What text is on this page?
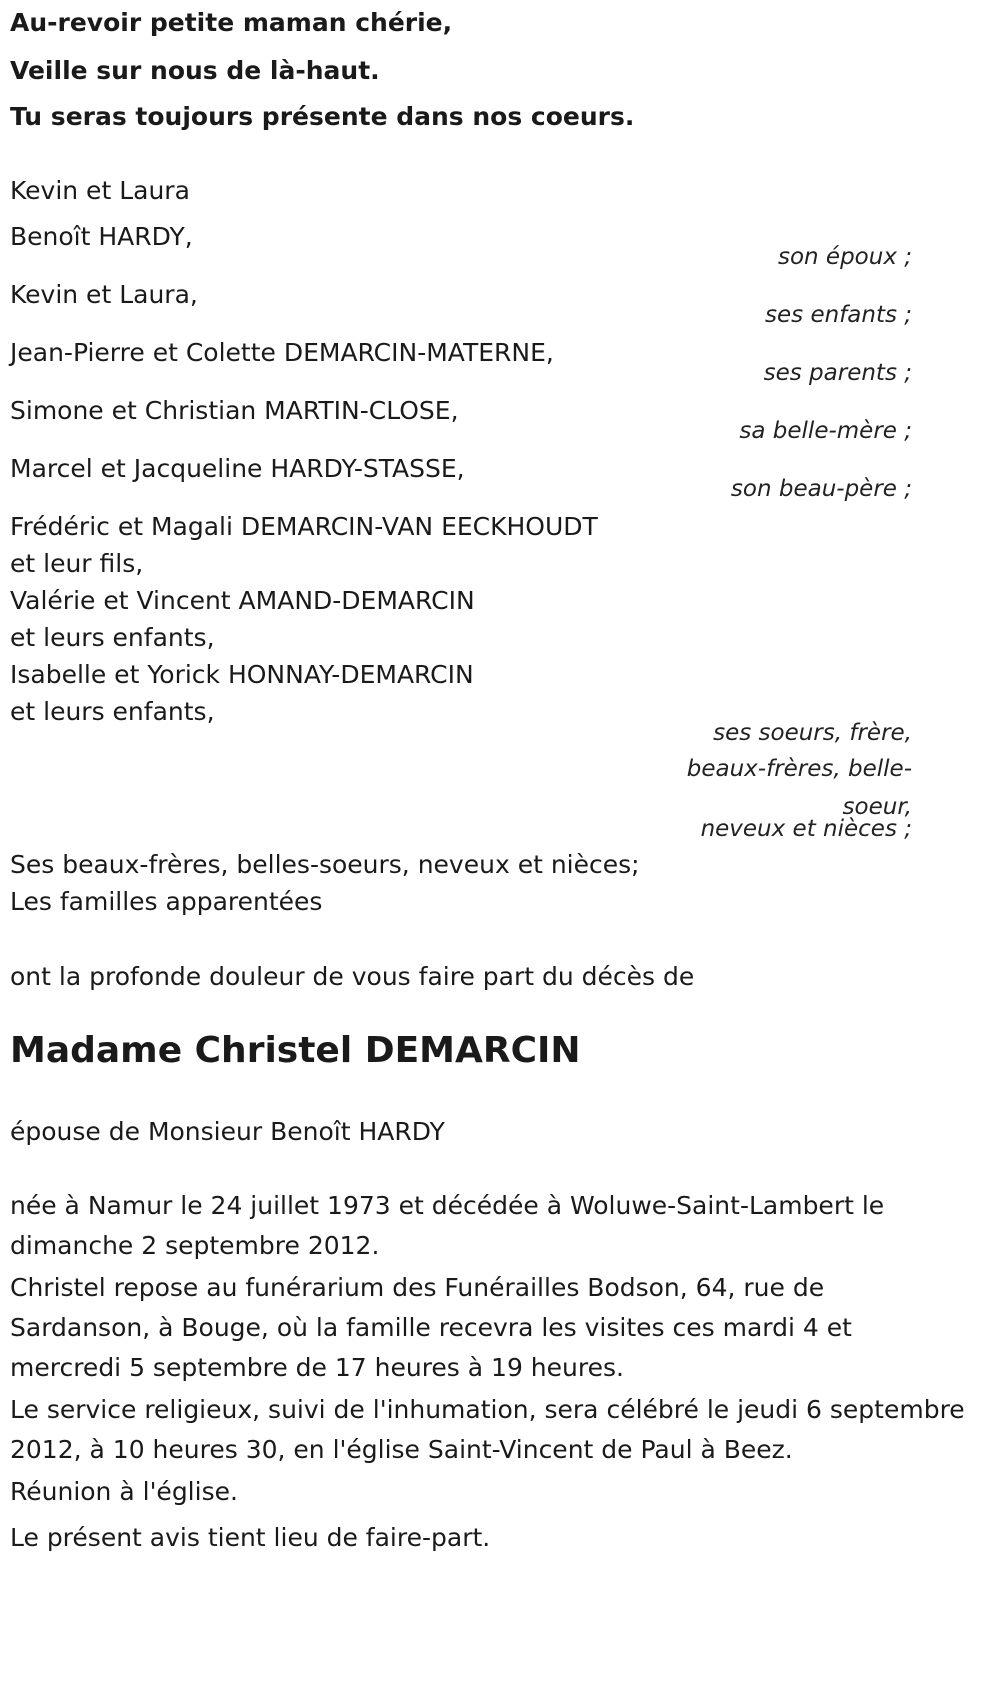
Au-revoir petite maman chérie,
Veille sur nous de là-haut.
Tu seras toujours présente dans nos coeurs.
Kevin et Laura
Benoît HARDY,
son époux ;
Kevin et Laura,
ses enfants ;
Jean-Pierre et Colette DEMARCIN-MATERNE,
ses parents ;
Simone et Christian MARTIN-CLOSE,
sa belle-mère ;
Marcel et Jacqueline HARDY-STASSE,
son beau-père ;
Frédéric et Magali DEMARCIN-VAN EECKHOUDT
et leur fils,
Valérie et Vincent AMAND-DEMARCIN
et leurs enfants,
Isabelle et Yorick HONNAY-DEMARCIN
et leurs enfants,
ses soeurs, frère,
beaux-frères, belle-
soeur,
neveux et nièces ;
Ses beaux-frères, belles-soeurs, neveux et nièces;
Les familles apparentées
ont la profonde douleur de vous faire part du décès de
Madame Christel DEMARCIN
épouse de Monsieur Benoît HARDY
née à Namur le 24 juillet 1973 et décédée à Woluwe-Saint-Lambert le dimanche 2 septembre 2012.
Christel repose au funérarium des Funérailles Bodson, 64, rue de Sardanson, à Bouge, où la famille recevra les visites ces mardi 4 et mercredi 5 septembre de 17 heures à 19 heures.
Le service religieux, suivi de l'inhumation, sera célébré le jeudi 6 septembre 2012, à 10 heures 30, en l'église Saint-Vincent de Paul à Beez.
Réunion à l'église.
Le présent avis tient lieu de faire-part.
